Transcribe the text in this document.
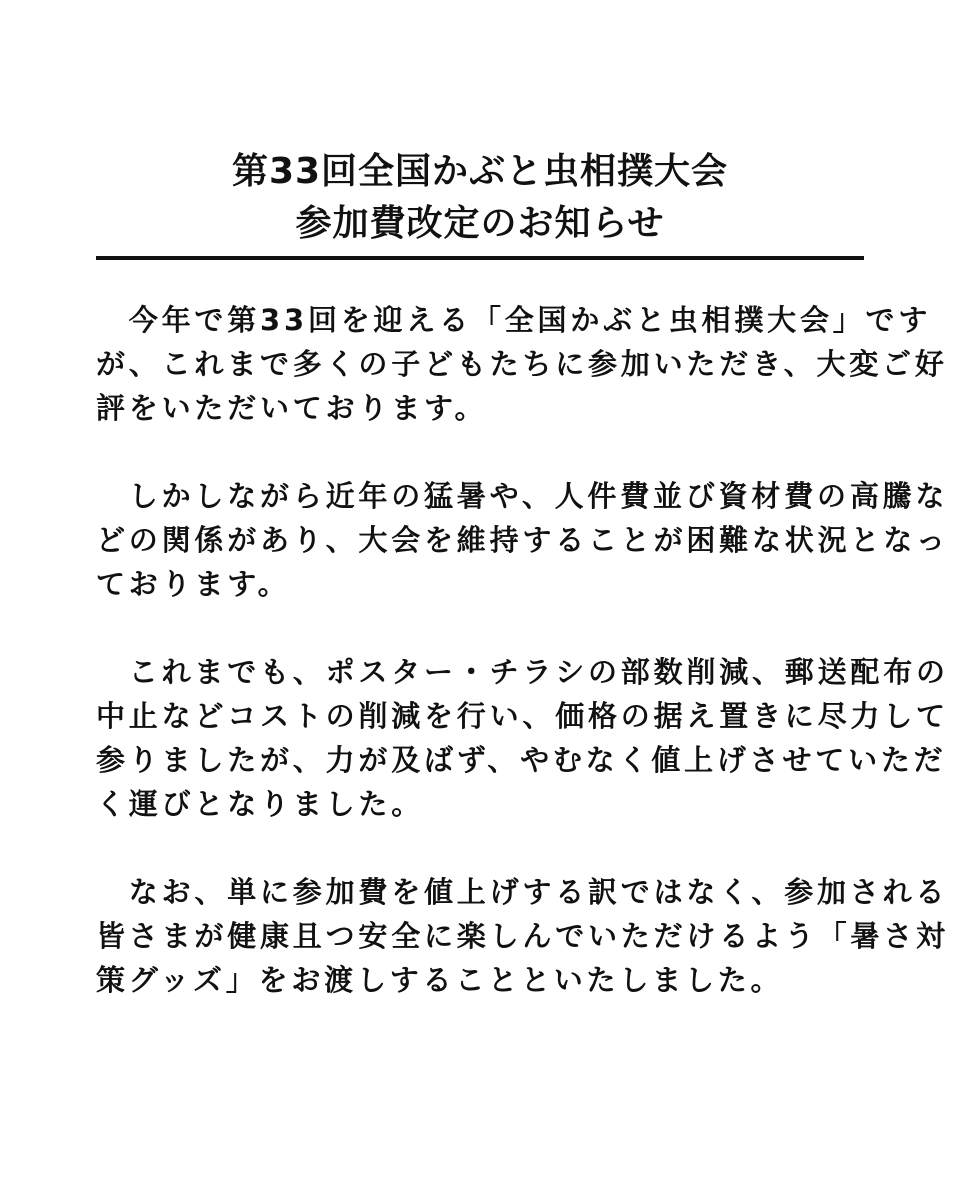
第33回全国かぶと虫相撲大会
参加費改定のお知らせ
　今年で第33回を迎える「全国かぶと虫相撲大会」です
が、これまで多くの子どもたちに参加いただき、大変ご好
評をいただいております。
　しかしながら近年の猛暑や、人件費並び資材費の高騰な
どの関係があり、大会を維持することが困難な状況となっ
ております。
　これまでも、ポスター・チラシの部数削減、郵送配布の
中止などコストの削減を行い、価格の据え置きに尽力して
参りましたが、力が及ばず、やむなく値上げさせていただ
く運びとなりました。
　なお、単に参加費を値上げする訳ではなく、参加される
皆さまが健康且つ安全に楽しんでいただけるよう「暑さ対
策グッズ」をお渡しすることといたしました。
